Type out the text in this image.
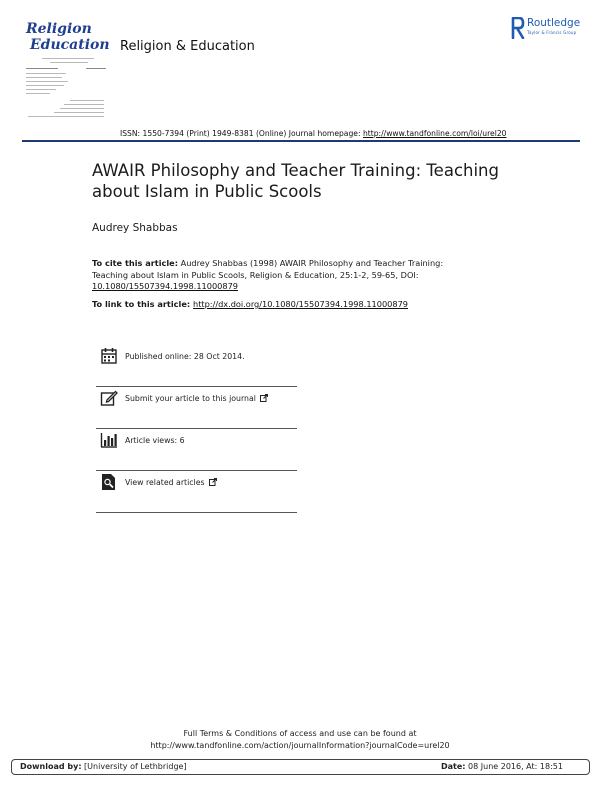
Religion
Education Religion & Education
Routledge
Taylor & Francis Group
ISSN: 1550-7394 (Print) 1949-8381 (Online) Journal homepage: http://www.tandfonline.com/loi/urel20
AWAIR Philosophy and Teacher Training: Teaching about Islam in Public Scools
Audrey Shabbas
To cite this article: Audrey Shabbas (1998) AWAIR Philosophy and Teacher Training: Teaching about Islam in Public Scools, Religion & Education, 25:1-2, 59-65, DOI: 10.1080/15507394.1998.11000879
To link to this article: http://dx.doi.org/10.1080/15507394.1998.11000879
Published online: 28 Oct 2014.
Submit your article to this journal
Article views: 6
View related articles
Full Terms & Conditions of access and use can be found at
http://www.tandfonline.com/action/journalInformation?journalCode=urel20
Download by: [University of Lethbridge]	Date: 08 June 2016, At: 18:51
